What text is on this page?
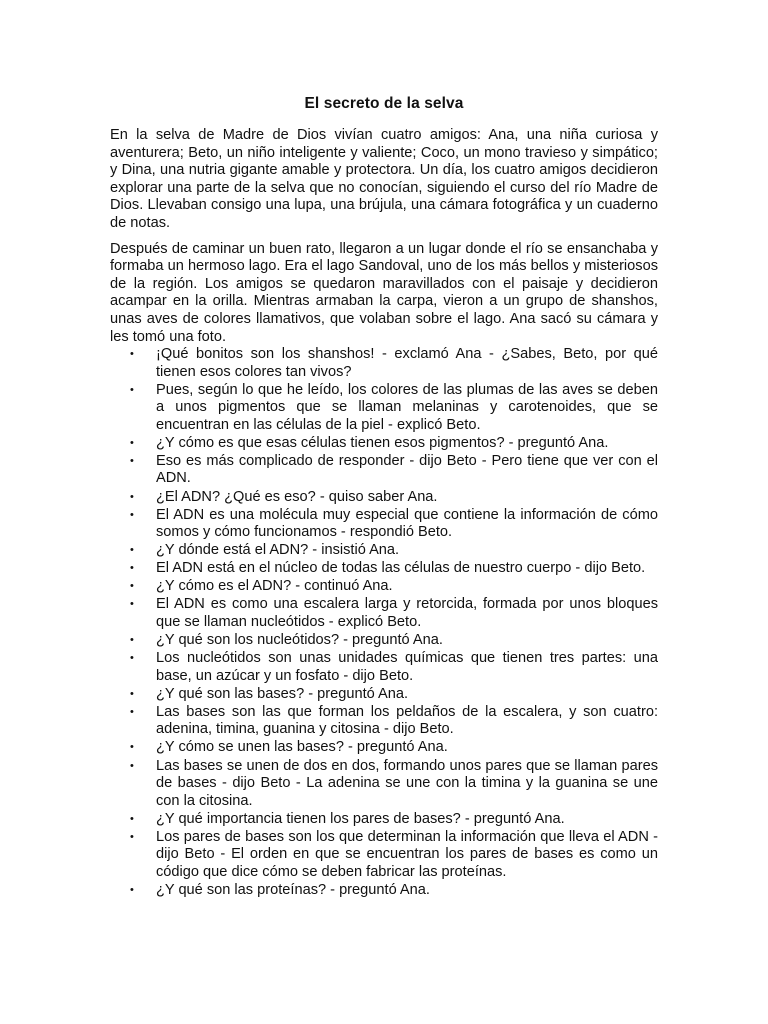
El secreto de la selva

En la selva de Madre de Dios vivían cuatro amigos: Ana, una niña curiosa y aventurera; Beto, un niño inteligente y valiente; Coco, un mono travieso y simpático; y Dina, una nutria gigante amable y protectora. Un día, los cuatro amigos decidieron explorar una parte de la selva que no conocían, siguiendo el curso del río Madre de Dios. Llevaban consigo una lupa, una brújula, una cámara fotográfica y un cuaderno de notas.

Después de caminar un buen rato, llegaron a un lugar donde el río se ensanchaba y formaba un hermoso lago. Era el lago Sandoval, uno de los más bellos y misteriosos de la región. Los amigos se quedaron maravillados con el paisaje y decidieron acampar en la orilla. Mientras armaban la carpa, vieron a un grupo de shanshos, unas aves de colores llamativos, que volaban sobre el lago. Ana sacó su cámara y les tomó una foto.

• ¡Qué bonitos son los shanshos! - exclamó Ana - ¿Sabes, Beto, por qué tienen esos colores tan vivos?
• Pues, según lo que he leído, los colores de las plumas de las aves se deben a unos pigmentos que se llaman melaninas y carotenoides, que se encuentran en las células de la piel - explicó Beto.
• ¿Y cómo es que esas células tienen esos pigmentos? - preguntó Ana.
• Eso es más complicado de responder - dijo Beto - Pero tiene que ver con el ADN.
• ¿El ADN? ¿Qué es eso? - quiso saber Ana.
• El ADN es una molécula muy especial que contiene la información de cómo somos y cómo funcionamos - respondió Beto.
• ¿Y dónde está el ADN? - insistió Ana.
• El ADN está en el núcleo de todas las células de nuestro cuerpo - dijo Beto.
• ¿Y cómo es el ADN? - continuó Ana.
• El ADN es como una escalera larga y retorcida, formada por unos bloques que se llaman nucleótidos - explicó Beto.
• ¿Y qué son los nucleótidos? - preguntó Ana.
• Los nucleótidos son unas unidades químicas que tienen tres partes: una base, un azúcar y un fosfato - dijo Beto.
• ¿Y qué son las bases? - preguntó Ana.
• Las bases son las que forman los peldaños de la escalera, y son cuatro: adenina, timina, guanina y citosina - dijo Beto.
• ¿Y cómo se unen las bases? - preguntó Ana.
• Las bases se unen de dos en dos, formando unos pares que se llaman pares de bases - dijo Beto - La adenina se une con la timina y la guanina se une con la citosina.
• ¿Y qué importancia tienen los pares de bases? - preguntó Ana.
• Los pares de bases son los que determinan la información que lleva el ADN - dijo Beto - El orden en que se encuentran los pares de bases es como un código que dice cómo se deben fabricar las proteínas.
• ¿Y qué son las proteínas? - preguntó Ana.
